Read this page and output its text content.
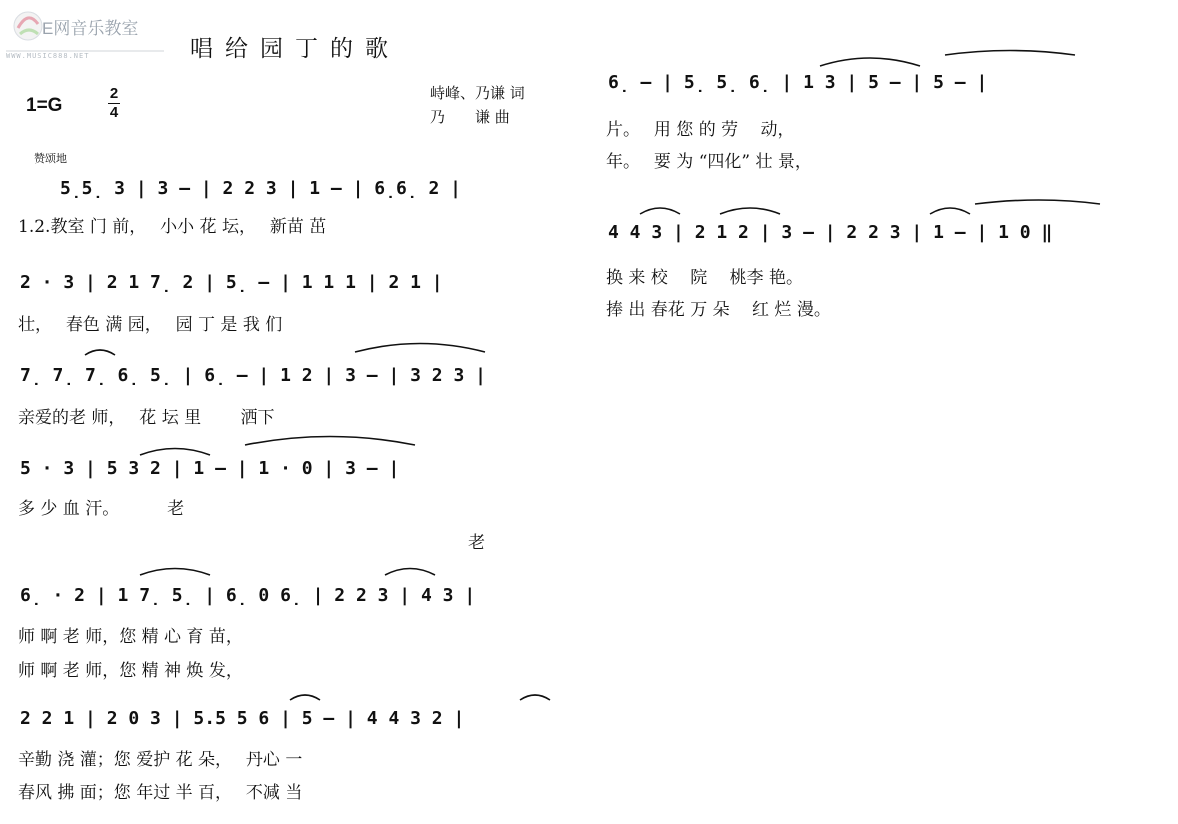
E网音乐教室
WWW.MUSIC888.NET	唱给园丁的歌
1=G
2
4
峙峰、乃谦 词
乃　　谦 曲
赞颂地
5̣5̣ 3 | 3 — | 2 2 3 | 1 — | 6̣6̣ 2 |
1.2.教室 门 前，　 小小 花 坛，　 新苗 茁
2 · 3 | 2 1 7̣ 2 | 5̣ — | 1 1 1 | 2 1 |
壮，　 春色 满 园，　 园 丁 是 我 们
7̣ 7̣ 7̣ 6̣ 5̣ | 6̣ — | 1 2 | 3 — | 3 2 3 |
亲爱的老 师，　 花 坛 里　　 洒下
5 · 3 | 5 3 2 | 1 — | 1 · 0 | 3 — |
多 少 血 汗。　　　 老
老
6̣ · 2 | 1 7̣ 5̣ | 6̣ 0 6̣ | 2 2 3 | 4 3 |
师 啊 老 师，您 精 心 育 苗，
师 啊 老 师，您 精 神 焕 发，
2 2 1 | 2 0 3 | 5.5 5 6 | 5 — | 4 4 3 2 |
辛勤 浇 灌；您 爱护 花 朵，　 丹心 一
春风 拂 面；您 年过 半 百，　 不减 当
6̣ — | 5̣ 5̣ 6̣ | 1 3 | 5 — | 5 — |
片。　 用 您 的 劳　 动，
年。　 要 为 “四化” 壮 景，
4 4 3 | 2 1 2 | 3 — | 2 2 3 | 1 — | 1 0 ‖
换 来 校　 院　 桃李 艳。
捧 出 春花 万 朵　 红 烂 漫。
